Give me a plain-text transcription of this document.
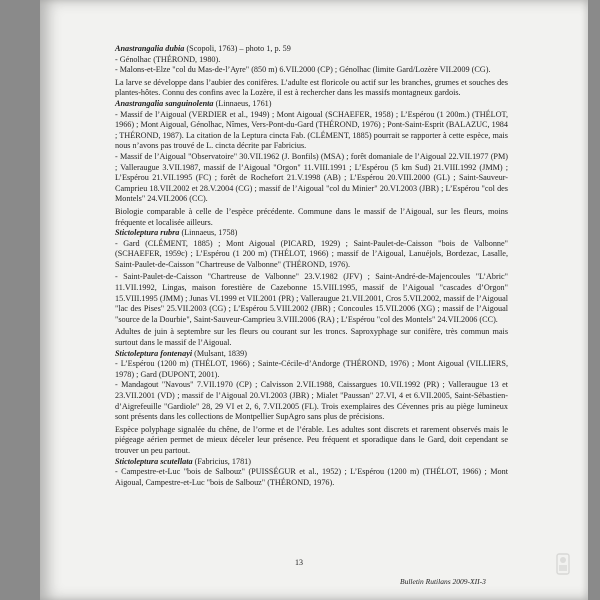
Anastrangalia dubia (Scopoli, 1763) – photo 1, p. 59

- Génolhac (THÉROND, 1980).

- Malons-et-Elze "col du Mas-de-l’Ayre" (850 m) 6.VII.2000 (CP) ; Génolhac (limite Gard/Lozère VII.2009 (CG).

La larve se développe dans l’aubier des conifères. L’adulte est floricole ou actif sur les branches, grumes et souches des plantes-hôtes. Connu des confins avec la Lozère, il est à rechercher dans les massifs montagneux gardois.

Anastrangalia sanguinolenta (Linnaeus, 1761)

- Massif de l’Aigoual (VERDIER et al., 1949) ; Mont Aigoual (SCHAEFER, 1958) ; L’Espérou (1 200m.) (THÉLOT, 1966) ; Mont Aigoual, Génolhac, Nîmes, Vers-Pont-du-Gard (THÉROND, 1976) ; Pont-Saint-Esprit (BALAZUC, 1984 ; THÉROND, 1987). La citation de la Leptura cincta Fab. (CLÉMENT, 1885) pourrait se rapporter à cette espèce, mais nous n’avons pas trouvé de L. cincta décrite par Fabricius.

- Massif de l’Aigoual "Observatoire" 30.VII.1962 (J. Bonfils) (MSA) ; forêt domaniale de l’Aigoual 22.VII.1977 (PM) ; Valleraugue 3.VII.1987, massif de l’Aigoual "Orgon" 11.VIII.1991 ; L’Espérou (5 km Sud) 21.VIII.1992 (JMM) ; L’Espérou 21.VII.1995 (FC) ; forêt de Rochefort 21.V.1998 (AB) ; L’Espérou 20.VIII.2000 (GL) ; Saint-Sauveur-Camprieu 18.VII.2002 et 28.V.2004 (CG) ; massif de l’Aigoual "col du Minier" 20.VI.2003 (JBR) ; L’Espérou "col des Montels" 24.VII.2006 (CC).

Biologie comparable à celle de l’espèce précédente. Commune dans le massif de l’Aigoual, sur les fleurs, moins fréquente et localisée ailleurs.

Stictoleptura rubra (Linnaeus, 1758)

- Gard (CLÉMENT, 1885) ; Mont Aigoual (PICARD, 1929) ; Saint-Paulet-de-Caisson "bois de Valbonne" (SCHAEFER, 1959c) ; L’Espérou (1 200 m) (THÉLOT, 1966) ; massif de l’Aigoual, Lanuéjols, Bordezac, Lasalle, Saint-Paulet-de-Caisson "Chartreuse de Valbonne" (THÉROND, 1976).

- Saint-Paulet-de-Caisson "Chartreuse de Valbonne" 23.V.1982 (JFV) ; Saint-André-de-Majencoules "L’Abric" 11.VII.1992, Lingas, maison forestière de Cazebonne 15.VIII.1995, massif de l’Aigoual "cascades d’Orgon" 15.VIII.1995 (JMM) ; Junas VI.1999 et VII.2001 (PR) ; Valleraugue 21.VII.2001, Cros 5.VII.2002, massif de l’Aigoual "lac des Pises" 25.VII.2003 (CG) ; L’Espérou 5.VIII.2002 (JBR) ; Concoules 15.VII.2006 (XG) ; massif de l’Aigoual "source de la Dourbie", Saint-Sauveur-Camprieu 3.VIII.2006 (RA) ; L’Espérou "col des Montels" 24.VII.2006 (CC).

Adultes de juin à septembre sur les fleurs ou courant sur les troncs. Saproxyphage sur conifère, très commun mais surtout dans le massif de l’Aigoual.

Stictoleptura fontenayi (Mulsant, 1839)

- L’Espérou (1200 m) (THÉLOT, 1966) ; Sainte-Cécile-d’Andorge (THÉROND, 1976) ; Mont Aigoual (VILLIERS, 1978) ; Gard (DUPONT, 2001).

- Mandagout "Navous" 7.VII.1970 (CP) ; Calvisson 2.VII.1988, Caissargues 10.VII.1992 (PR) ; Valleraugue 13 et 23.VII.2001 (VD) ; massif de l’Aigoual 20.VI.2003 (JBR) ; Mialet "Paussan" 27.VI, 4 et 6.VII.2005, Saint-Sébastien-d’Aigrefeuille "Gardiole" 28, 29 VI et 2, 6, 7.VII.2005 (FL). Trois exemplaires des Cévennes pris au piège lumineux sont présents dans les collections de Montpellier SupAgro sans plus de précisions.

Espèce polyphage signalée du chêne, de l’orme et de l’érable. Les adultes sont discrets et rarement observés mais le piégeage aérien permet de mieux déceler leur présence. Peu fréquent et sporadique dans le Gard, doit cependant se trouver un peu partout.

Stictoleptura scutellata (Fabricius, 1781)

- Campestre-et-Luc "bois de Salbouz" (PUISSÉGUR et al., 1952) ; L’Espérou (1200 m) (THÉLOT, 1966) ; Mont Aigoual, Campestre-et-Luc "bois de Salbouz" (THÉROND, 1976).

13
Bulletin Rutilans 2009-XII-3
